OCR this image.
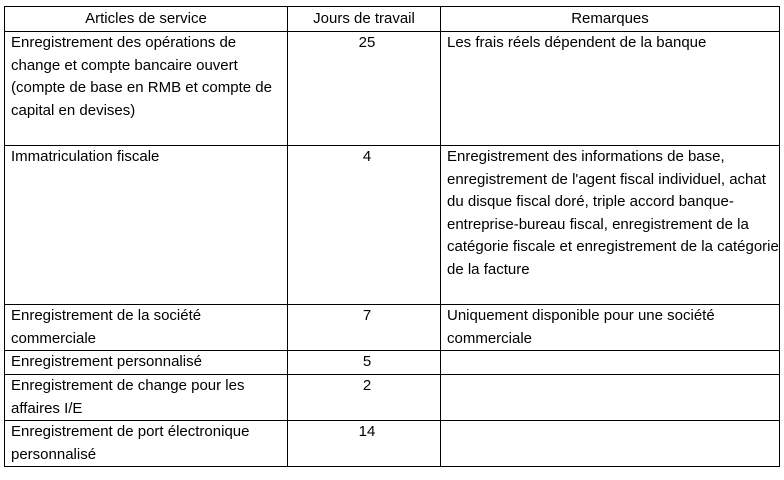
Articles de service	Jours de travail	Remarques
Enregistrement des opérations de change et compte bancaire ouvert (compte de base en RMB et compte de capital en devises)	25	Les frais réels dépendent de la banque
Immatriculation fiscale	4	Enregistrement des informations de base, enregistrement de l'agent fiscal individuel, achat du disque fiscal doré, triple accord banque-entreprise-bureau fiscal, enregistrement de la catégorie fiscale et enregistrement de la catégorie de la facture
Enregistrement de la société commerciale	7	Uniquement disponible pour une société commerciale
Enregistrement personnalisé	5	
Enregistrement de change pour les affaires I/E	2	
Enregistrement de port électronique personnalisé	14	
